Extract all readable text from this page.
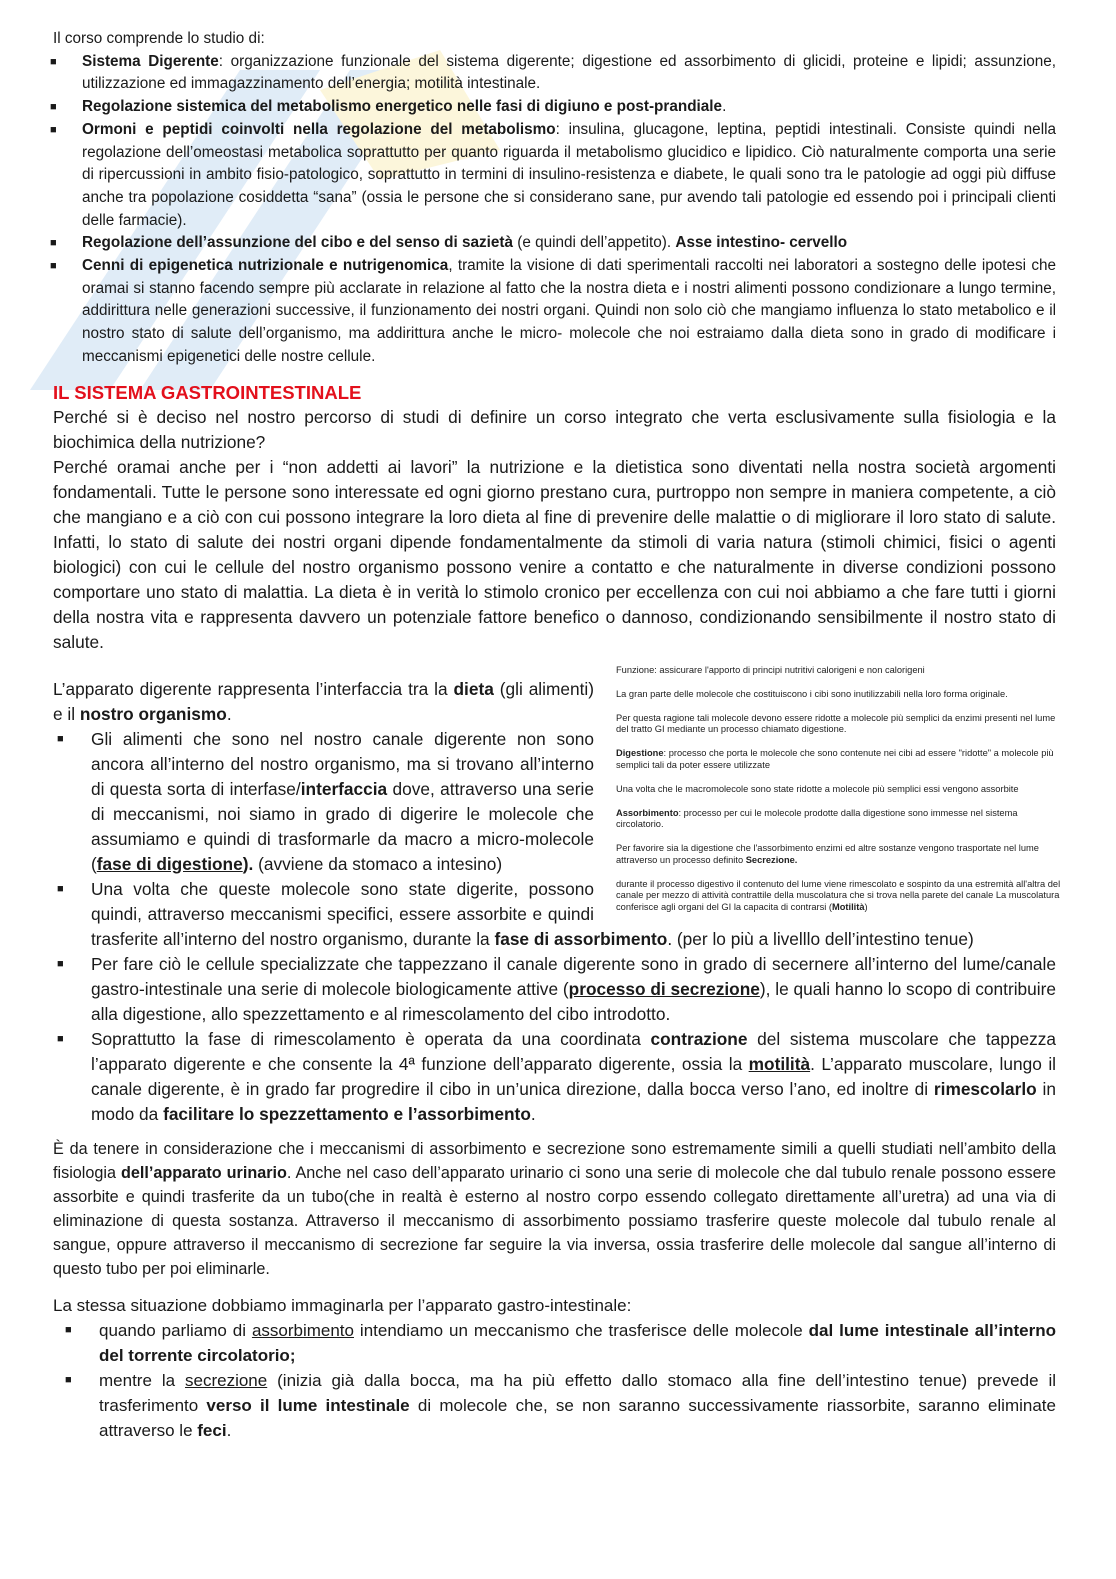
Il corso comprende lo studio di:

■ Sistema Digerente: organizzazione funzionale del sistema digerente; digestione ed assorbimento di glicidi, proteine e lipidi; assunzione, utilizzazione ed immagazzinamento dell’energia; motilità intestinale.
■ Regolazione sistemica del metabolismo energetico nelle fasi di digiuno e post-prandiale.
■ Ormoni e peptidi coinvolti nella regolazione del metabolismo: insulina, glucagone, leptina, peptidi intestinali. Consiste quindi nella regolazione dell’omeostasi metabolica soprattutto per quanto riguarda il metabolismo glucidico e lipidico. Ciò naturalmente comporta una serie di ripercussioni in ambito fisio-patologico, soprattutto in termini di insulino-resistenza e diabete, le quali sono tra le patologie ad oggi più diffuse anche tra popolazione cosiddetta “sana” (ossia le persone che si considerano sane, pur avendo tali patologie ed essendo poi i principali clienti delle farmacie).
■ Regolazione dell’assunzione del cibo e del senso di sazietà (e quindi dell’appetito). Asse intestino- cervello
■ Cenni di epigenetica nutrizionale e nutrigenomica, tramite la visione di dati sperimentali raccolti nei laboratori a sostegno delle ipotesi che oramai si stanno facendo sempre più acclarate in relazione al fatto che la nostra dieta e i nostri alimenti possono condizionare a lungo termine, addirittura nelle generazioni successive, il funzionamento dei nostri organi. Quindi non solo ciò che mangiamo influenza lo stato metabolico e il nostro stato di salute dell’organismo, ma addirittura anche le micro- molecole che noi estraiamo dalla dieta sono in grado di modificare i meccanismi epigenetici delle nostre cellule.
IL SISTEMA GASTROINTESTINALE

Perché si è deciso nel nostro percorso di studi di definire un corso integrato che verta esclusivamente sulla fisiologia e la biochimica della nutrizione?

Perché oramai anche per i “non addetti ai lavori” la nutrizione e la dietistica sono diventati nella nostra società argomenti fondamentali. Tutte le persone sono interessate ed ogni giorno prestano cura, purtroppo non sempre in maniera competente, a ciò che mangiano e a ciò con cui possono integrare la loro dieta al fine di prevenire delle malattie o di migliorare il loro stato di salute. Infatti, lo stato di salute dei nostri organi dipende fondamentalmente da stimoli di varia natura (stimoli chimici, fisici o agenti biologici) con cui le cellule del nostro organismo possono venire a contatto e che naturalmente in diverse condizioni possono comportare uno stato di malattia. La dieta è in verità lo stimolo cronico per eccellenza con cui noi abbiamo a che fare tutti i giorni della nostra vita e rappresenta davvero un potenziale fattore benefico o dannoso, condizionando sensibilmente il nostro stato di salute.

Funzione: assicurare l'apporto di principi nutritivi calorigeni e non calorigeni

La gran parte delle molecole che costituiscono i cibi sono inutilizzabili nella loro forma originale.

Per questa ragione tali molecole devono essere ridotte a molecole più semplici da enzimi presenti nel lume del tratto GI mediante un processo chiamato digestione.

Digestione: processo che porta le molecole che sono contenute nei cibi ad essere "ridotte" a molecole più semplici tali da poter essere utilizzate

Una volta che le macromolecole sono state ridotte a molecole più semplici essi vengono assorbite

Assorbimento: processo per cui le molecole prodotte dalla digestione sono immesse nel sistema circolatorio.

Per favorire sia la digestione che l'assorbimento enzimi ed altre sostanze vengono trasportate nel lume attraverso un processo definito Secrezione.

durante il processo digestivo il contenuto del lume viene rimescolato e sospinto da una estremità all'altra del canale per mezzo di attività contrattile della muscolatura che si trova nella parete del canale La muscolatura conferisce agli organi del GI la capacita di contrarsi (Motilità)

L’apparato digerente rappresenta l’interfaccia tra la dieta (gli alimenti) e il nostro organismo.

■ Gli alimenti che sono nel nostro canale digerente non sono ancora all’interno del nostro organismo, ma si trovano all’interno di questa sorta di interfase/interfaccia dove, attraverso una serie di meccanismi, noi siamo in grado di digerire le molecole che assumiamo e quindi di trasformarle da macro a micro-molecole (fase di digestione). (avviene da stomaco a intesino)
■ Una volta che queste molecole sono state digerite, possono quindi, attraverso meccanismi specifici, essere assorbite e quindi trasferite all’interno del nostro organismo, durante la fase di assorbimento. (per lo più a livelllo dell’intestino tenue)
■ Per fare ciò le cellule specializzate che tappezzano il canale digerente sono in grado di secernere all’interno del lume/canale gastro-intestinale una serie di molecole biologicamente attive (processo di secrezione), le quali hanno lo scopo di contribuire alla digestione, allo spezzettamento e al rimescolamento del cibo introdotto.
■ Soprattutto la fase di rimescolamento è operata da una coordinata contrazione del sistema muscolare che tappezza l’apparato digerente e che consente la 4ª funzione dell’apparato digerente, ossia la motilità. L’apparato muscolare, lungo il canale digerente, è in grado far progredire il cibo in un’unica direzione, dalla bocca verso l’ano, ed inoltre di rimescolarlo in modo da facilitare lo spezzettamento e l’assorbimento.

È da tenere in considerazione che i meccanismi di assorbimento e secrezione sono estremamente simili a quelli studiati nell’ambito della fisiologia dell’apparato urinario. Anche nel caso dell’apparato urinario ci sono una serie di molecole che dal tubulo renale possono essere assorbite e quindi trasferite da un tubo(che in realtà è esterno al nostro corpo essendo collegato direttamente all’uretra) ad una via di eliminazione di questa sostanza. Attraverso il meccanismo di assorbimento possiamo trasferire queste molecole dal tubulo renale al sangue, oppure attraverso il meccanismo di secrezione far seguire la via inversa, ossia trasferire delle molecole dal sangue all’interno di questo tubo per poi eliminarle.

La stessa situazione dobbiamo immaginarla per l’apparato gastro-intestinale:

■ quando parliamo di assorbimento intendiamo un meccanismo che trasferisce delle molecole dal lume intestinale all’interno del torrente circolatorio;
■ mentre la secrezione (inizia già dalla bocca, ma ha più effetto dallo stomaco alla fine dell’intestino tenue) prevede il trasferimento verso il lume intestinale di molecole che, se non saranno successivamente riassorbite, saranno eliminate attraverso le feci.
